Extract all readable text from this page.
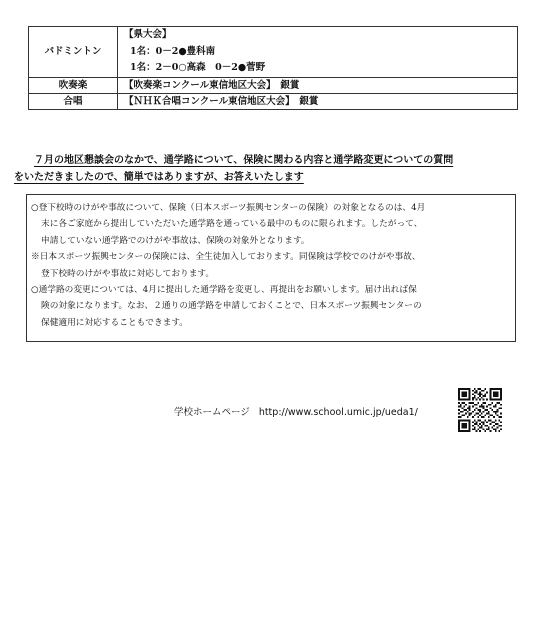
バドミントン	【県大会】
1名：0－2●豊科南
1名：2－0○高森　0－2●菅野

吹奏楽	【吹奏楽コンクール東信地区大会】　銀賞
合唱	【ＮＨＫ合唱コンクール東信地区大会】　銀賞
７月の地区懇談会のなかで、通学路について、保険に関わる内容と通学路変更についての質問
をいただきましたので、簡単ではありますが、お答えいたします
○登下校時のけがや事故について、保険（日本スポーツ振興センターの保険）の対象となるのは、4月
末に各ご家庭から提出していただいた通学路を通っている最中のものに限られます。したがって、
申請していない通学路でのけがや事故は、保険の対象外となります。
※日本スポーツ振興センターの保険には、全生徒加入しております。同保険は学校でのけがや事故、
登下校時のけがや事故に対応しております。
○通学路の変更については、4月に提出した通学路を変更し、再提出をお願いします。届け出れば保
険の対象になります。なお、２通りの通学路を申請しておくことで、日本スポーツ振興センターの
保健適用に対応することもできます。
学校ホームページ http://www.school.umic.jp/ueda1/
